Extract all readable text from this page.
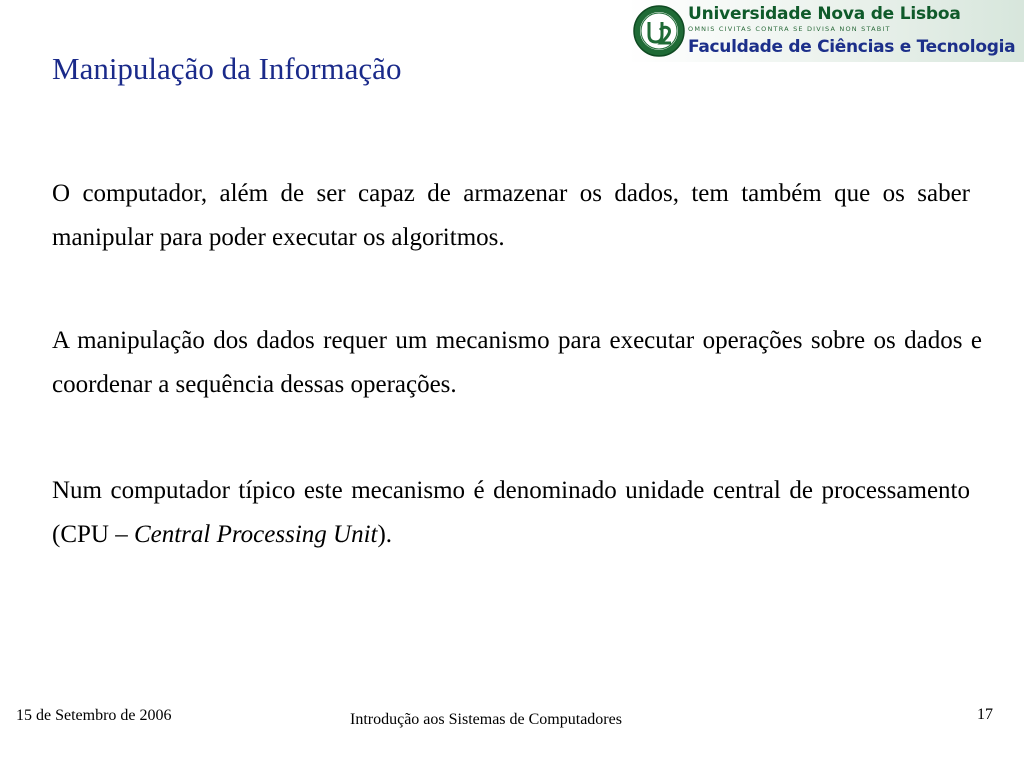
Universidade Nova de Lisboa
OMNIS CIVITAS CONTRA SE DIVISA NON STABIT
Faculdade de Ciências e Tecnologia
Manipulação da Informação

O computador, além de ser capaz de armazenar os dados, tem também que os saber manipular para poder executar os algoritmos.

A manipulação dos dados requer um mecanismo para executar operações sobre os dados e coordenar a sequência dessas operações.

Num computador típico este mecanismo é denominado unidade central de processamento (CPU – Central Processing Unit).

15 de Setembro de 2006	Introdução aos Sistemas de Computadores	17
